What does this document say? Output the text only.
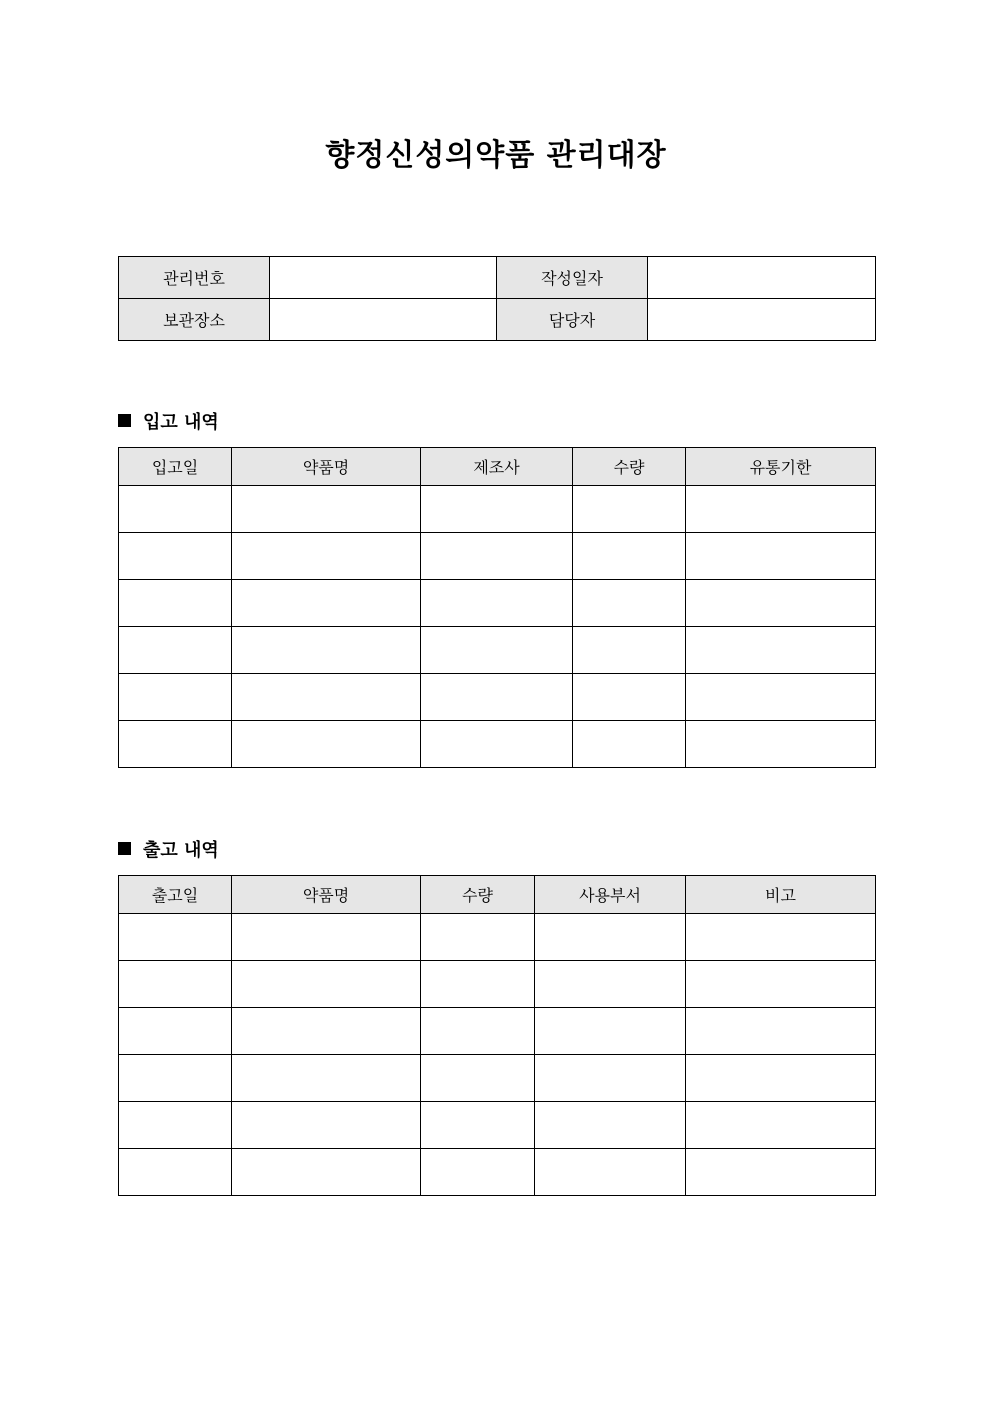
향정신성의약품 관리대장
관리번호		작성일자	
보관장소		담당자	
입고 내역
입고일	약품명	제조사	수량	유통기한

출고 내역
출고일	약품명	수량	사용부서	비고
